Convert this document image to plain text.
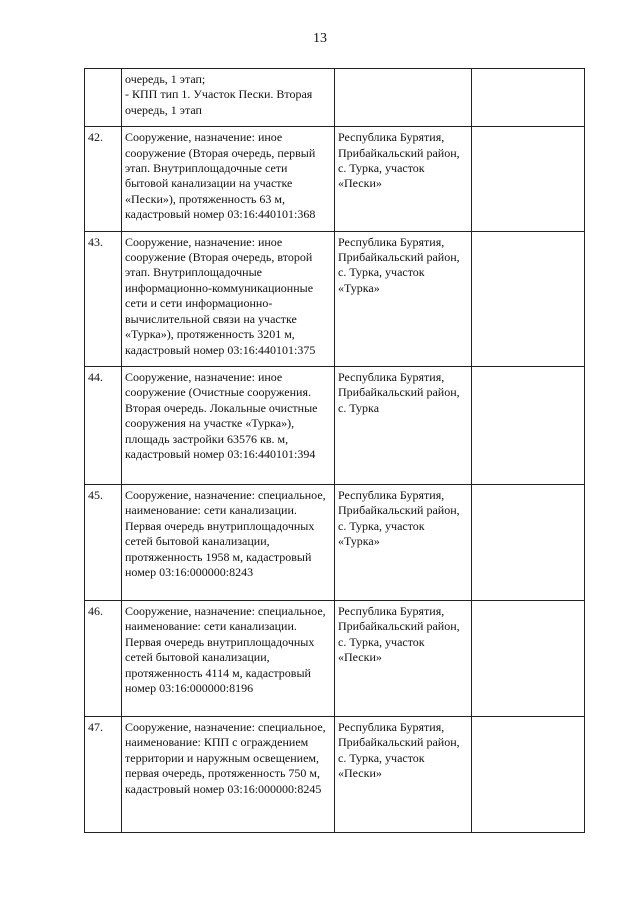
13
	очередь, 1 этап;
- КПП тип 1. Участок Пески. Вторая очередь, 1 этап		
42.	Сооружение, назначение: иное сооружение (Вторая очередь, первый этап. Внутриплощадочные сети бытовой канализации на участке «Пески»), протяженность 63 м, кадастровый номер 03:16:440101:368	Республика Бурятия, Прибайкальский район, с. Турка, участок «Пески»	
43.	Сооружение, назначение: иное сооружение (Вторая очередь, второй этап. Внутриплощадочные информационно-коммуникационные сети и сети информационно-вычислительной связи на участке «Турка»), протяженность 3201 м, кадастровый номер 03:16:440101:375	Республика Бурятия, Прибайкальский район, с. Турка, участок «Турка»	
44.	Сооружение, назначение: иное сооружение (Очистные сооружения. Вторая очередь. Локальные очистные сооружения на участке «Турка»), площадь застройки 63576 кв. м, кадастровый номер 03:16:440101:394	Республика Бурятия, Прибайкальский район, с. Турка	
45.	Сооружение, назначение: специальное, наименование: сети канализации. Первая очередь внутриплощадочных сетей бытовой канализации, протяженность 1958 м, кадастровый номер 03:16:000000:8243	Республика Бурятия, Прибайкальский район, с. Турка, участок «Турка»	
46.	Сооружение, назначение: специальное, наименование: сети канализации. Первая очередь внутриплощадочных сетей бытовой канализации, протяженность 4114 м, кадастровый номер 03:16:000000:8196	Республика Бурятия, Прибайкальский район, с. Турка, участок «Пески»	
47.	Сооружение, назначение: специальное, наименование: КПП с ограждением территории и наружным освещением, первая очередь, протяженность 750 м, кадастровый номер 03:16:000000:8245	Республика Бурятия, Прибайкальский район, с. Турка, участок «Пески»	
